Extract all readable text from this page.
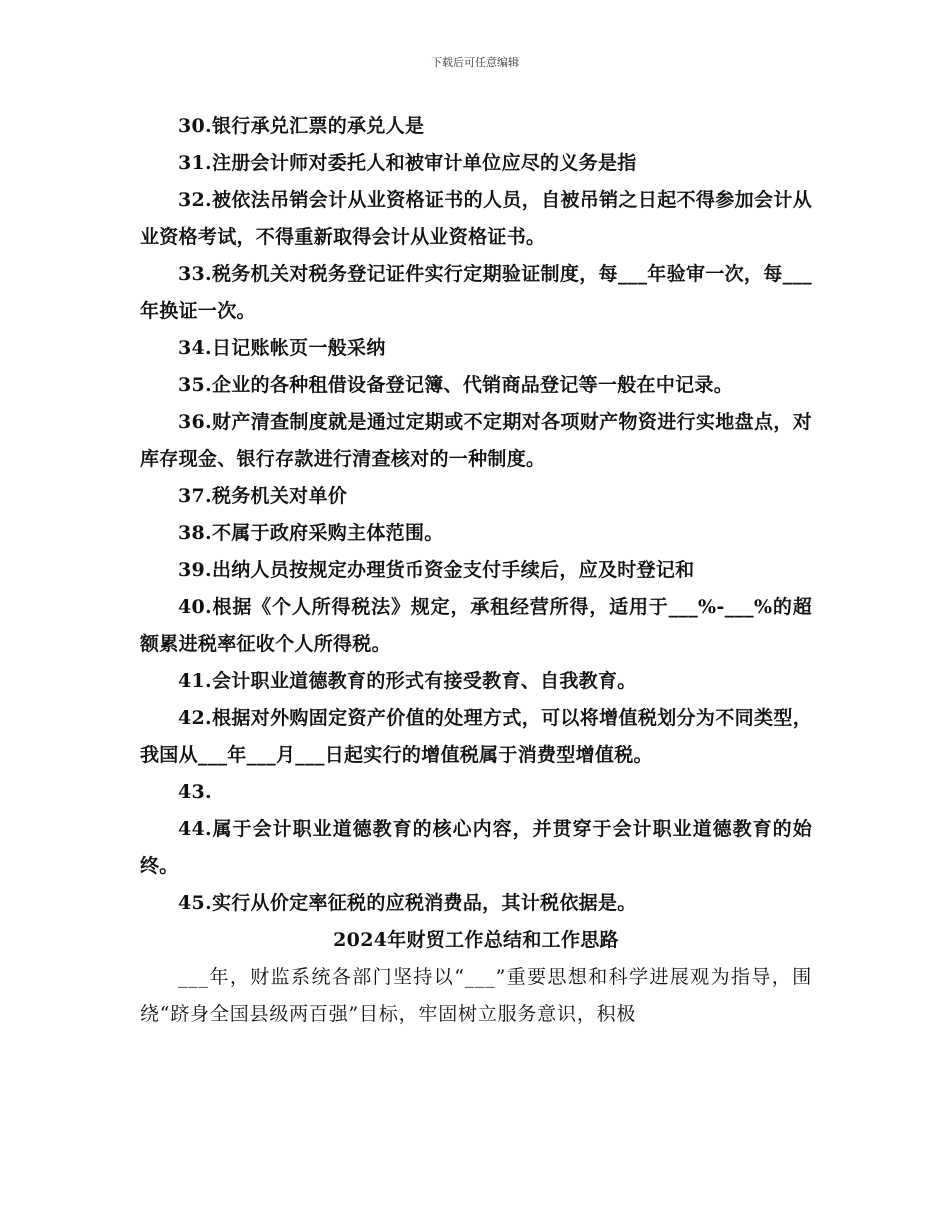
下载后可任意编辑

30.银行承兑汇票的承兑人是

31.注册会计师对委托人和被审计单位应尽的义务是指

32.被依法吊销会计从业资格证书的人员，自被吊销之日起不得参加会计从业资格考试，不得重新取得会计从业资格证书。

33.税务机关对税务登记证件实行定期验证制度，每___年验审一次，每___年换证一次。

34.日记账帐页一般采纳

35.企业的各种租借设备登记簿、代销商品登记等一般在中记录。

36.财产清查制度就是通过定期或不定期对各项财产物资进行实地盘点，对库存现金、银行存款进行清查核对的一种制度。

37.税务机关对单价

38.不属于政府采购主体范围。

39.出纳人员按规定办理货币资金支付手续后，应及时登记和

40.根据《个人所得税法》规定，承租经营所得，适用于___%-___%的超额累进税率征收个人所得税。

41.会计职业道德教育的形式有接受教育、自我教育。

42.根据对外购固定资产价值的处理方式，可以将增值税划分为不同类型，我国从___年___月___日起实行的增值税属于消费型增值税。

43.

44.属于会计职业道德教育的核心内容，并贯穿于会计职业道德教育的始终。

45.实行从价定率征税的应税消费品，其计税依据是。

2024年财贸工作总结和工作思路

___年，财监系统各部门坚持以“___”重要思想和科学进展观为指导，围绕“跻身全国县级两百强”目标，牢固树立服务意识，积极
